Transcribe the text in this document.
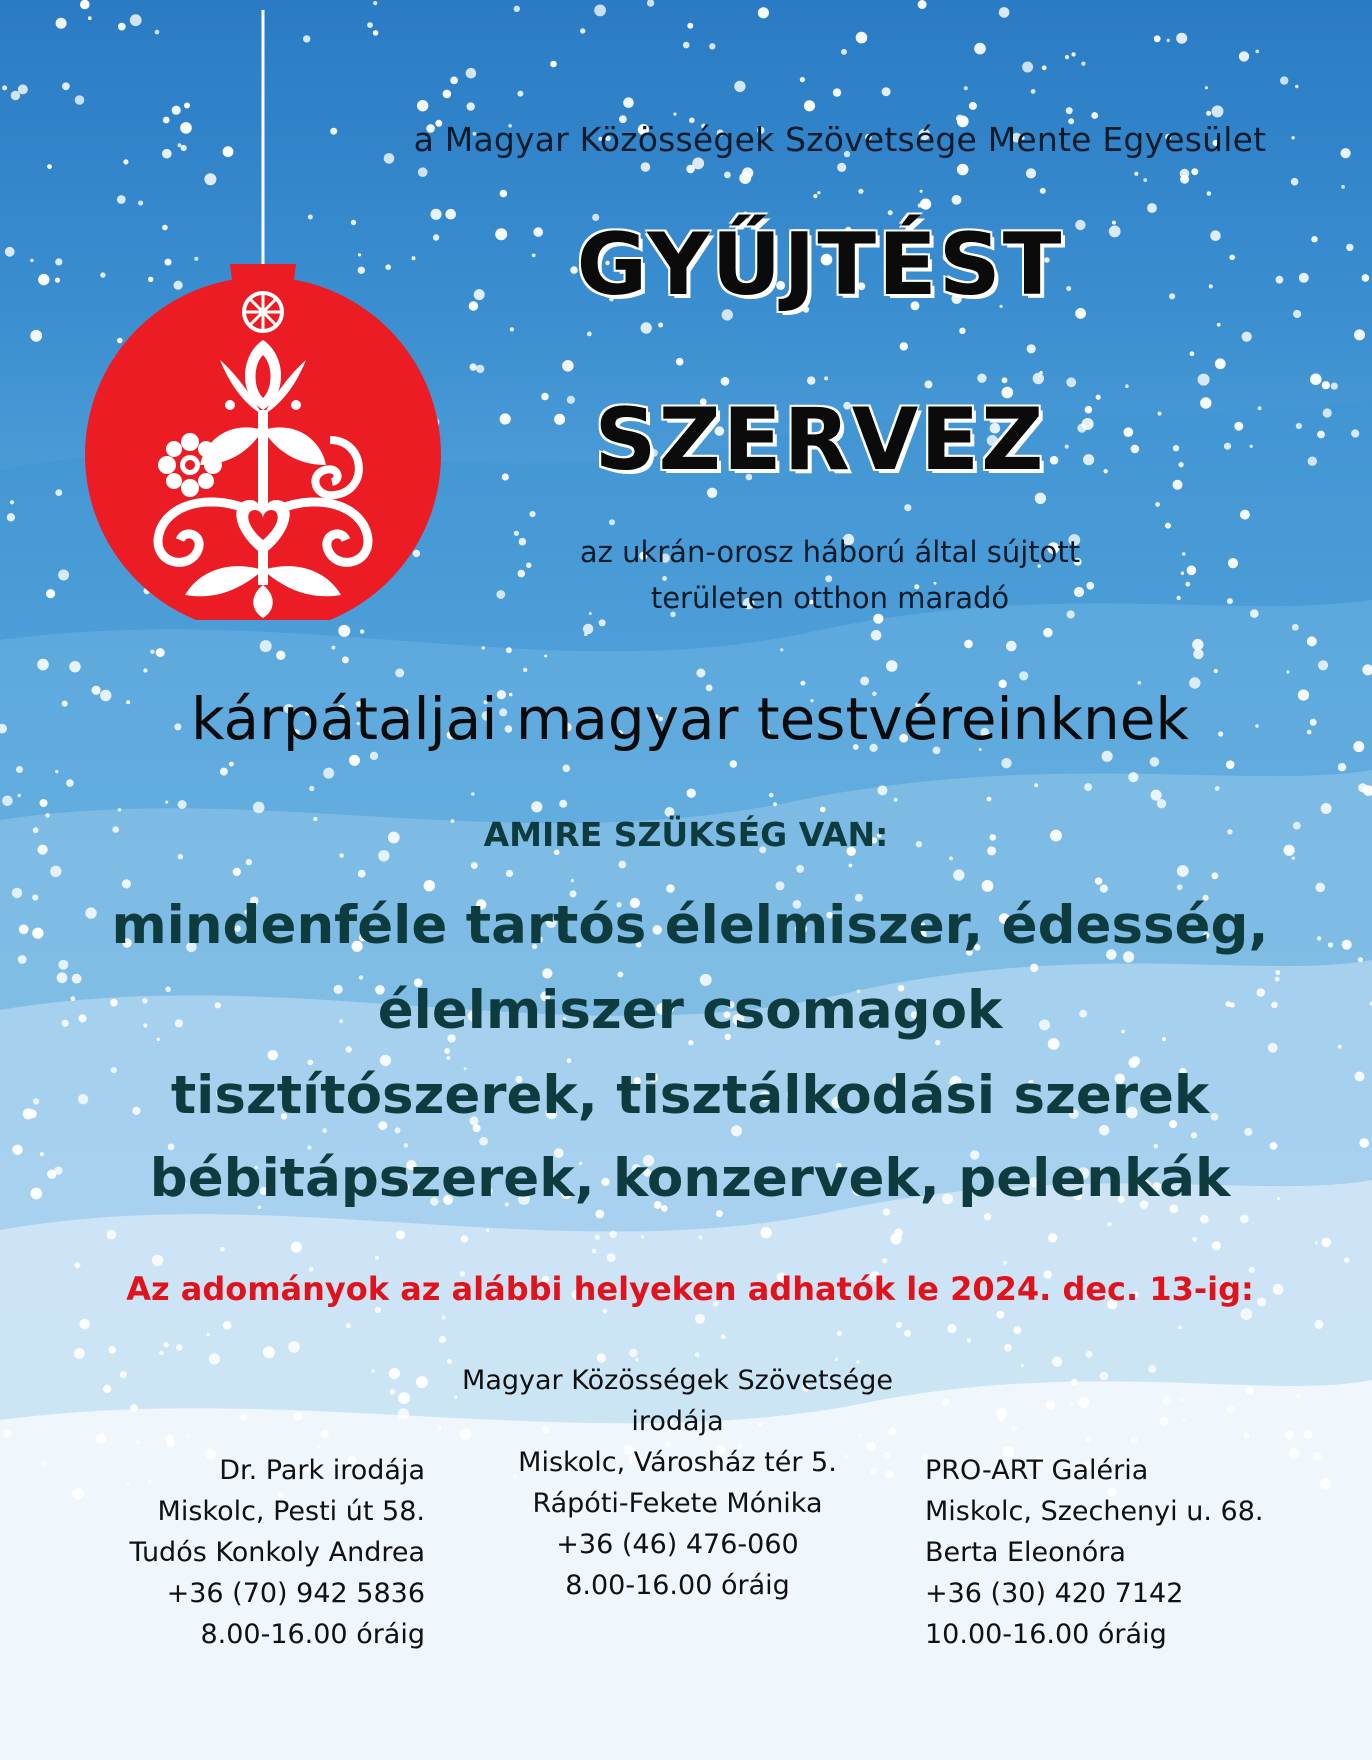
a Magyar Közösségek Szövetsége Mente Egyesület
GYŰJTÉST
SZERVEZ
az ukrán-orosz háború által sújtott
területen otthon maradó
kárpátaljai magyar testvéreinknek
AMIRE SZÜKSÉG VAN:
mindenféle tartós élelmiszer, édesség,
élelmiszer csomagok
tisztítószerek, tisztálkodási szerek
bébitápszerek, konzervek, pelenkák
Az adományok az alábbi helyeken adhatók le 2024. dec. 13-ig:
Dr. Park irodája
Miskolc, Pesti út 58.
Tudós Konkoly Andrea
+36 (70) 942 5836
8.00-16.00 óráig
Magyar Közösségek Szövetsége
irodája
Miskolc, Városház tér 5.
Rápóti-Fekete Mónika
+36 (46) 476-060
8.00-16.00 óráig
PRO-ART Galéria
Miskolc, Szechenyi u. 68.
Berta Eleonóra
+36 (30) 420 7142
10.00-16.00 óráig
